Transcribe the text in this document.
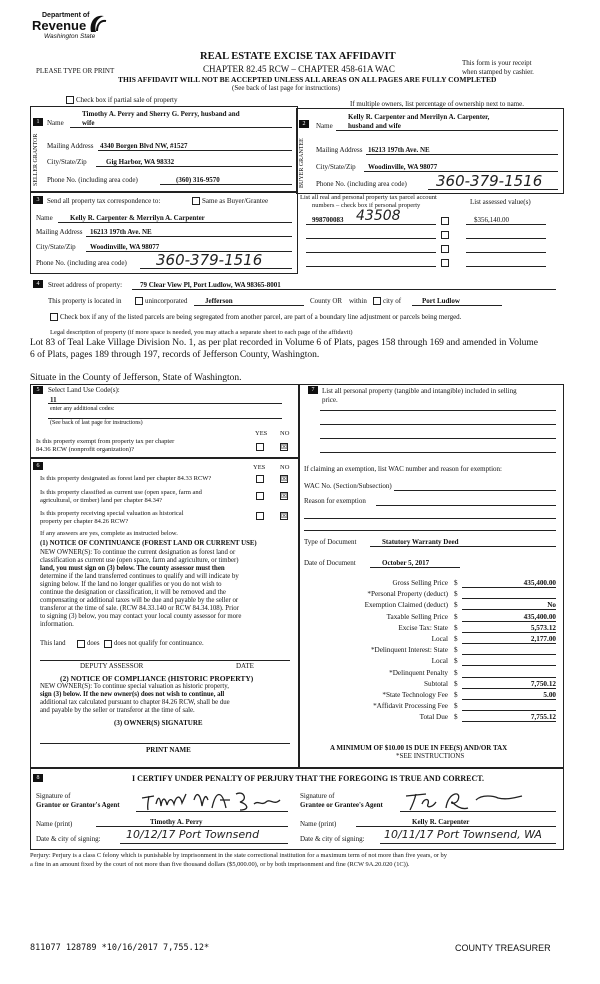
Department of
Revenue
Washington State
REAL ESTATE EXCISE TAX AFFIDAVIT
PLEASE TYPE OR PRINT	CHAPTER 82.45 RCW – CHAPTER 458-61A WAC
THIS AFFIDAVIT WILL NOT BE ACCEPTED UNLESS ALL AREAS ON ALL PAGES ARE FULLY COMPLETED
(See back of last page for instructions)
This form is your receipt
when stamped by cashier.
Check box if partial sale of property	If multiple owners, list percentage of ownership next to name.
1	2
SELLER GRANTOR	BUYER GRANTEE
Name
Timothy A. Perry and Sherry G. Perry, husband and
wife
Mailing Address 4340 Borgen Blvd NW, #1527
City/State/Zip	Gig Harbor, WA 98332
Phone No. (including area code)	(360) 316-9570
Kelly R. Carpenter and Merrilyn A. Carpenter,
Name husband and wife
Mailing Address 16213 197th Ave. NE
City/State/Zip Woodinville, WA 98077
Phone No. (including area code) 360-379-1516
3	Send all property tax correspondence to:	Same as Buyer/Grantee
Name Kelly R. Carpenter & Merrilyn A. Carpenter
Mailing Address 16213 197th Ave. NE
City/State/Zip Woodinville, WA 98077
Phone No. (including area code) 360-379-1516
List all real and personal property tax parcel account
numbers – check box if personal property	List assessed value(s)
998700083 43508	$356,140.00
4	Street address of property:	79 Clear View Pl, Port Ludlow, WA 98365-8001
This property is located in	unincorporated	Jefferson	County OR within city of	Port Ludlow
Check box if any of the listed parcels are being segregated from another parcel, are part of a boundary line adjustment or parcels being merged.
Legal description of property (if more space is needed, you may attach a separate sheet to each page of the affidavit)
Lot 83 of Teal Lake Village Division No. 1, as per plat recorded in Volume 6 of Plats, pages 158 through 169 and amended in Volume
6 of Plats, pages 189 through 197, records of Jefferson County, Washington.
Situate in the County of Jefferson, State of Washington.
5	Select Land Use Code(s):
11
enter any additional codes:
(See back of last page for instructions)
YES NO
Is this property exempt from property tax per chapter
84.36 RCW (nonprofit organization)?	☒
6	YES NO
Is this property designated as forest land per chapter 84.33 RCW?	☒
Is this property classified as current use (open space, farm and
agricultural, or timber) land per chapter 84.34?
☒
Is this property receiving special valuation as historical
property per chapter 84.26 RCW?
☒
If any answers are yes, complete as instructed below.
(1) NOTICE OF CONTINUANCE (FOREST LAND OR CURRENT USE)
NEW OWNER(S): To continue the current designation as forest land or
classification as current use (open space, farm and agriculture, or timber)
land, you must sign on (3) below. The county assessor must then
determine if the land transferred continues to qualify and will indicate by
signing below. If the land no longer qualifies or you do not wish to
continue the designation or classification, it will be removed and the
compensating or additional taxes will be due and payable by the seller or
transferor at the time of sale. (RCW 84.33.140 or RCW 84.34.108). Prior
to signing (3) below, you may contact your local county assessor for more
information.
This land	does does not qualify for continuance.
DEPUTY ASSESSOR	DATE
(2) NOTICE OF COMPLIANCE (HISTORIC PROPERTY)
NEW OWNER(S): To continue special valuation as historic property,
sign (3) below. If the new owner(s) does not wish to continue, all
additional tax calculated pursuant to chapter 84.26 RCW, shall be due
and payable by the seller or transferor at the time of sale.
(3) OWNER(S) SIGNATURE
PRINT NAME
7	List all personal property (tangible and intangible) included in selling
price.
If claiming an exemption, list WAC number and reason for exemption:
WAC No. (Section/Subsection)
Reason for exemption
Type of Document	Statutory Warranty Deed
Date of Document	October 5, 2017
Gross Selling Price $	435,400.00
*Personal Property (deduct) $
Exemption Claimed (deduct) $	No
Taxable Selling Price $	435,400.00
Excise Tax: State $	5,573.12
Local $	2,177.00
*Delinquent Interest: State $
Local $
*Delinquent Penalty $
Subtotal $	7,750.12
*State Technology Fee $	5.00
*Affidavit Processing Fee $
Total Due $	7,755.12
A MINIMUM OF $10.00 IS DUE IN FEE(S) AND/OR TAX
*SEE INSTRUCTIONS
8	I CERTIFY UNDER PENALTY OF PERJURY THAT THE FOREGOING IS TRUE AND CORRECT.
Signature of
Grantor or Grantor's Agent
Name (print)	Timothy A. Perry
Date & city of signing: 10/12/17 Port Townsend
Signature of
Grantee or Grantee's Agent
Name (print)	Kelly R. Carpenter
Date & city of signing: 10/11/17 Port Townsend, WA
Perjury: Perjury is a class C felony which is punishable by imprisonment in the state correctional institution for a maximum term of not more than five years, or by
a fine in an amount fixed by the court of not more than five thousand dollars ($5,000.00), or by both imprisonment and fine (RCW 9A.20.020 (1C)).
811077 128789 *10/16/2017 7,755.12*	COUNTY TREASURER
